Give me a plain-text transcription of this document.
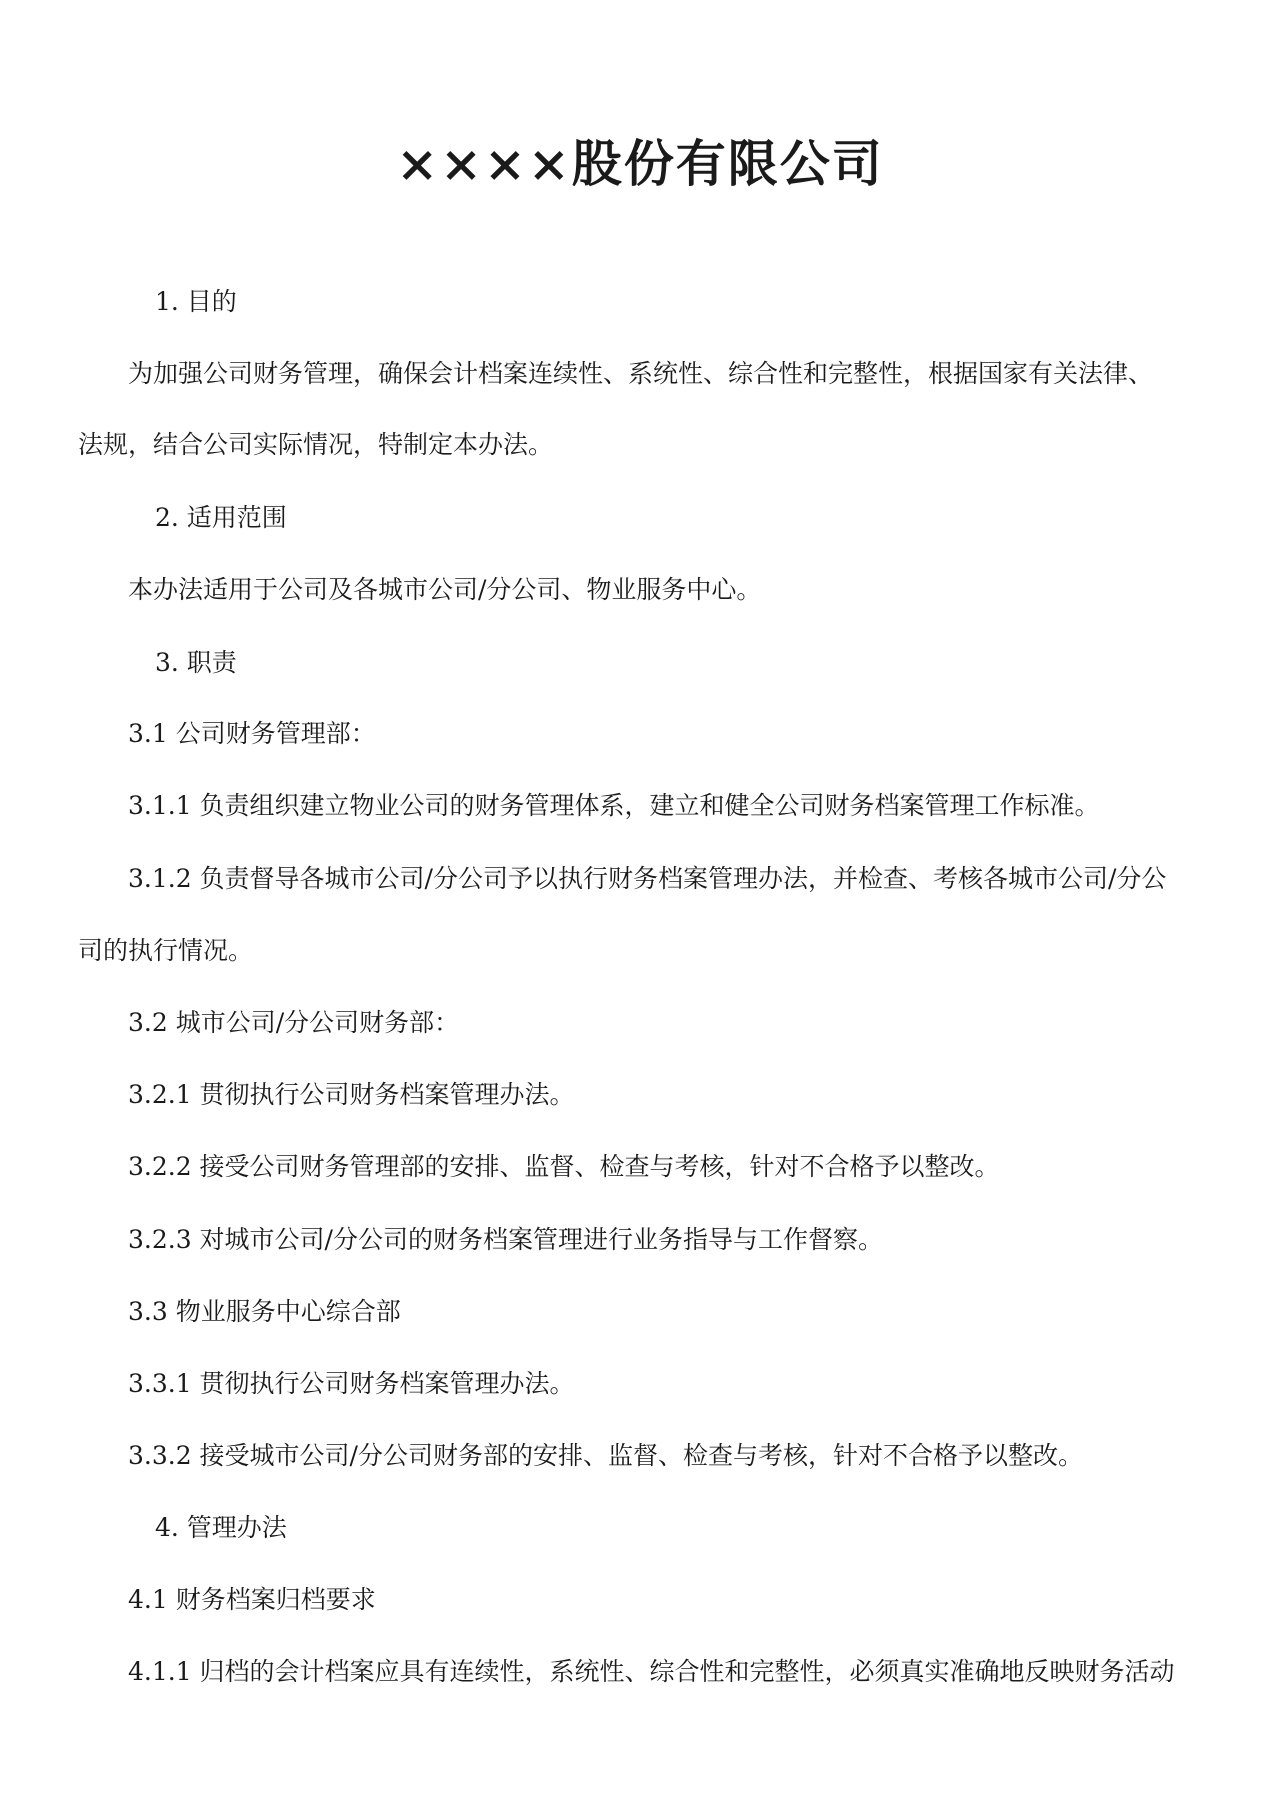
××××股份有限公司

1. 目的

为加强公司财务管理，确保会计档案连续性、系统性、综合性和完整性，根据国家有关法律、

法规，结合公司实际情况，特制定本办法。

2. 适用范围

本办法适用于公司及各城市公司/分公司、物业服务中心。

3. 职责

3.1 公司财务管理部：

3.1.1 负责组织建立物业公司的财务管理体系，建立和健全公司财务档案管理工作标准。

3.1.2 负责督导各城市公司/分公司予以执行财务档案管理办法，并检查、考核各城市公司/分公

司的执行情况。

3.2 城市公司/分公司财务部：

3.2.1 贯彻执行公司财务档案管理办法。

3.2.2 接受公司财务管理部的安排、监督、检查与考核，针对不合格予以整改。

3.2.3 对城市公司/分公司的财务档案管理进行业务指导与工作督察。

3.3 物业服务中心综合部

3.3.1 贯彻执行公司财务档案管理办法。

3.3.2 接受城市公司/分公司财务部的安排、监督、检查与考核，针对不合格予以整改。

4. 管理办法

4.1 财务档案归档要求

4.1.1 归档的会计档案应具有连续性，系统性、综合性和完整性，必须真实准确地反映财务活动
